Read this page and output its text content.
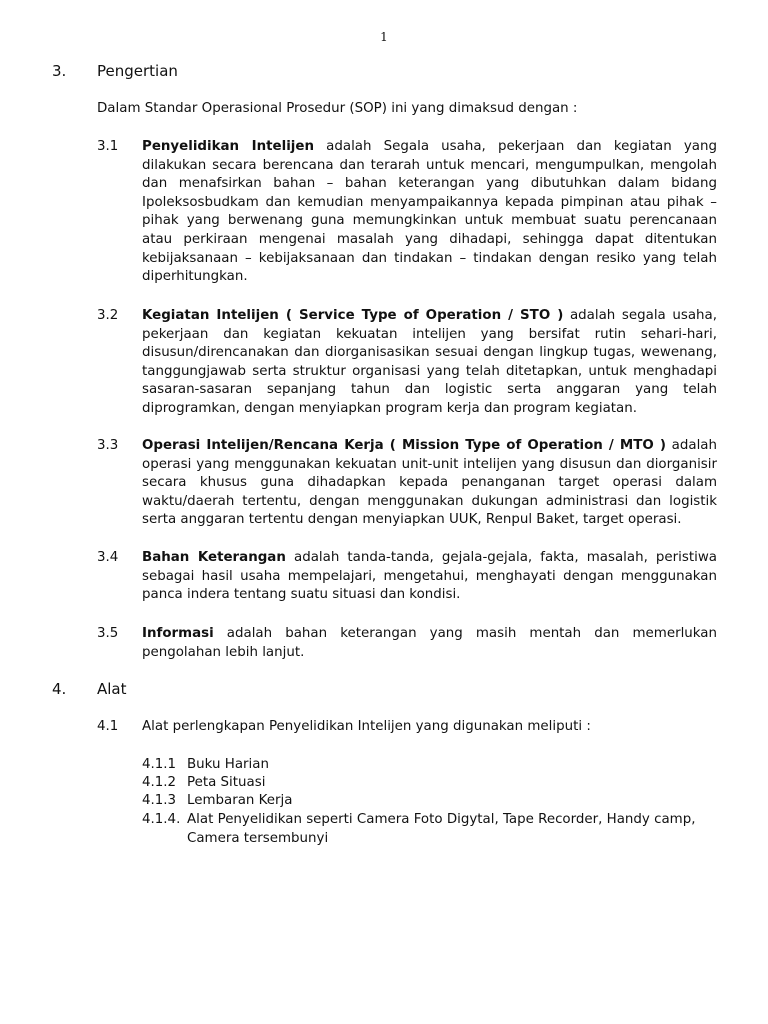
1
3. Pengertian
Dalam Standar Operasional Prosedur (SOP) ini yang dimaksud dengan :
3.1 Penyelidikan Intelijen adalah Segala usaha, pekerjaan dan kegiatan yang dilakukan secara berencana dan terarah untuk mencari, mengumpulkan, mengolah dan menafsirkan bahan – bahan keterangan yang dibutuhkan dalam bidang Ipoleksosbudkam dan kemudian menyampaikannya kepada pimpinan atau pihak – pihak yang berwenang guna memungkinkan untuk membuat suatu perencanaan atau perkiraan mengenai masalah yang dihadapi, sehingga dapat ditentukan kebijaksanaan – kebijaksanaan dan tindakan – tindakan dengan resiko yang telah diperhitungkan.
3.2 Kegiatan Intelijen ( Service Type of Operation / STO ) adalah segala usaha, pekerjaan dan kegiatan kekuatan intelijen yang bersifat rutin sehari-hari, disusun/direncanakan dan diorganisasikan sesuai dengan lingkup tugas, wewenang, tanggungjawab serta struktur organisasi yang telah ditetapkan, untuk menghadapi sasaran-sasaran sepanjang tahun dan logistic serta anggaran yang telah diprogramkan, dengan menyiapkan program kerja dan program kegiatan.
3.3 Operasi Intelijen/Rencana Kerja ( Mission Type of Operation / MTO ) adalah operasi yang menggunakan kekuatan unit-unit intelijen yang disusun dan diorganisir secara khusus guna dihadapkan kepada penanganan target operasi dalam waktu/daerah tertentu, dengan menggunakan dukungan administrasi dan logistik serta anggaran tertentu dengan menyiapkan UUK, Renpul Baket, target operasi.
3.4 Bahan Keterangan adalah tanda-tanda, gejala-gejala, fakta, masalah, peristiwa sebagai hasil usaha mempelajari, mengetahui, menghayati dengan menggunakan panca indera tentang suatu situasi dan kondisi.
3.5 Informasi adalah bahan keterangan yang masih mentah dan memerlukan pengolahan lebih lanjut.
4. Alat
4.1 Alat perlengkapan Penyelidikan Intelijen yang digunakan meliputi :
4.1.1 Buku Harian
4.1.2 Peta Situasi
4.1.3 Lembaran Kerja
4.1.4. Alat Penyelidikan seperti Camera Foto Digytal, Tape Recorder, Handy camp, Camera tersembunyi
